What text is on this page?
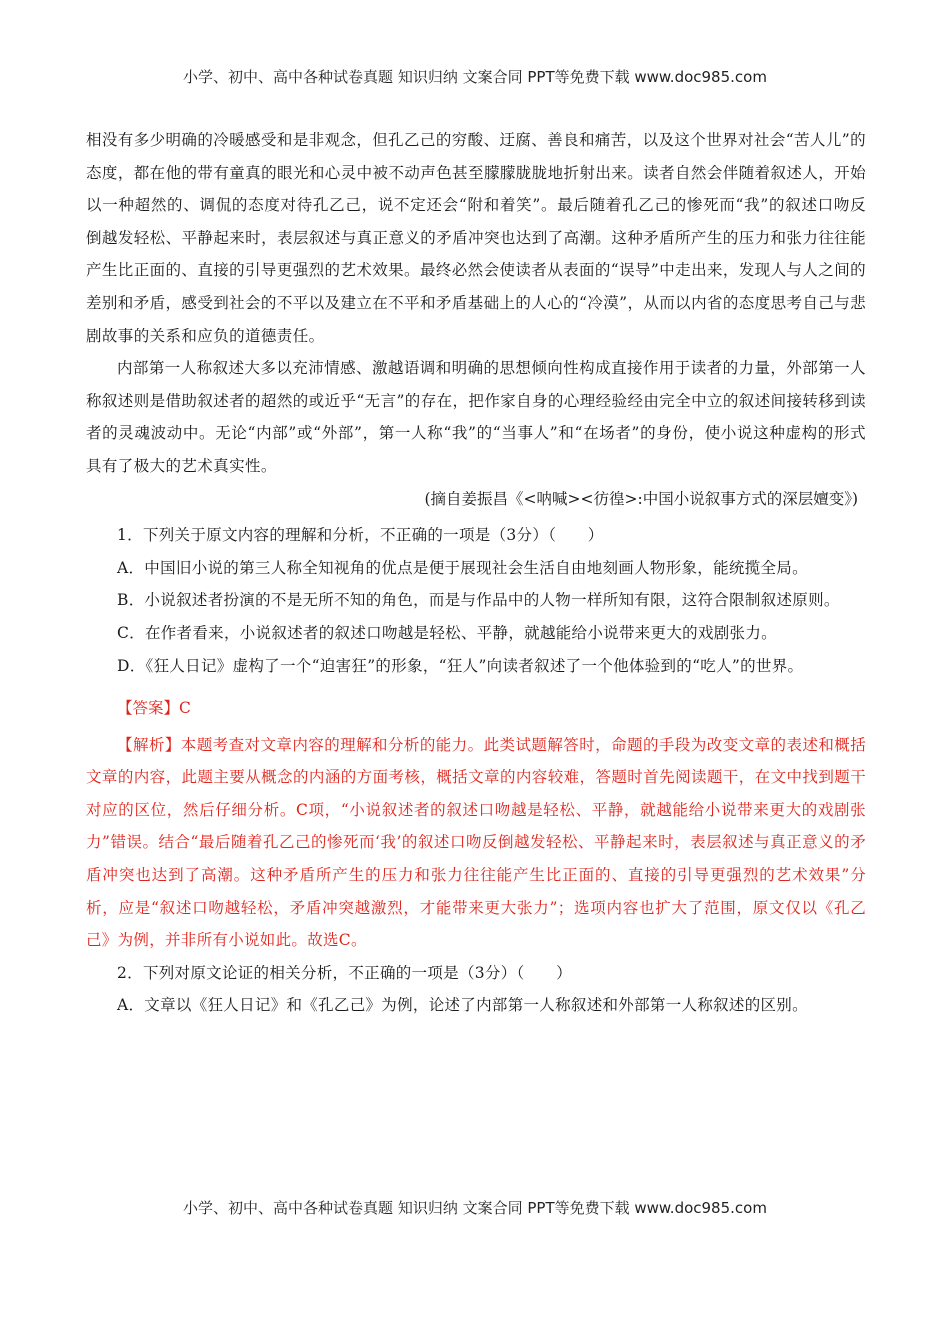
小学、初中、高中各种试卷真题 知识归纳 文案合同 PPT等免费下载 www.doc985.com

相没有多少明确的冷暖感受和是非观念，但孔乙己的穷酸、迂腐、善良和痛苦，以及这个世界对社会“苦人儿”的态度，都在他的带有童真的眼光和心灵中被不动声色甚至朦朦胧胧地折射出来。读者自然会伴随着叙述人，开始以一种超然的、调侃的态度对待孔乙己，说不定还会“附和着笑”。最后随着孔乙己的惨死而“我”的叙述口吻反倒越发轻松、平静起来时，表层叙述与真正意义的矛盾冲突也达到了高潮。这种矛盾所产生的压力和张力往往能产生比正面的、直接的引导更强烈的艺术效果。最终必然会使读者从表面的“误导”中走出来，发现人与人之间的差别和矛盾，感受到社会的不平以及建立在不平和矛盾基础上的人心的“冷漠”，从而以内省的态度思考自己与悲剧故事的关系和应负的道德责任。

内部第一人称叙述大多以充沛情感、激越语调和明确的思想倾向性构成直接作用于读者的力量，外部第一人称叙述则是借助叙述者的超然的或近乎“无言”的存在，把作家自身的心理经验经由完全中立的叙述间接转移到读者的灵魂波动中。无论“内部”或“外部”，第一人称“我”的“当事人”和“在场者”的身份，使小说这种虚构的形式具有了极大的艺术真实性。

(摘自姜振昌《<呐喊><彷徨>:中国小说叙事方式的深层嬗变》)

1．下列关于原文内容的理解和分析，不正确的一项是（3分）（　　）

A．中国旧小说的第三人称全知视角的优点是便于展现社会生活自由地刻画人物形象，能统揽全局。

B．小说叙述者扮演的不是无所不知的角色，而是与作品中的人物一样所知有限，这符合限制叙述原则。

C．在作者看来，小说叙述者的叙述口吻越是轻松、平静，就越能给小说带来更大的戏剧张力。

D．《狂人日记》虚构了一个“迫害狂”的形象，“狂人”向读者叙述了一个他体验到的“吃人”的世界。

【答案】C

【解析】本题考查对文章内容的理解和分析的能力。此类试题解答时，命题的手段为改变文章的表述和概括文章的内容，此题主要从概念的内涵的方面考核，概括文章的内容较难，答题时首先阅读题干，在文中找到题干对应的区位，然后仔细分析。C项，“小说叙述者的叙述口吻越是轻松、平静，就越能给小说带来更大的戏剧张力”错误。结合“最后随着孔乙己的惨死而‘我’的叙述口吻反倒越发轻松、平静起来时，表层叙述与真正意义的矛盾冲突也达到了高潮。这种矛盾所产生的压力和张力往往能产生比正面的、直接的引导更强烈的艺术效果”分析，应是“叙述口吻越轻松，矛盾冲突越激烈，才能带来更大张力”；选项内容也扩大了范围，原文仅以《孔乙己》为例，并非所有小说如此。故选C。

2．下列对原文论证的相关分析，不正确的一项是（3分）（　　）

A．文章以《狂人日记》和《孔乙己》为例，论述了内部第一人称叙述和外部第一人称叙述的区别。

小学、初中、高中各种试卷真题 知识归纳 文案合同 PPT等免费下载 www.doc985.com
